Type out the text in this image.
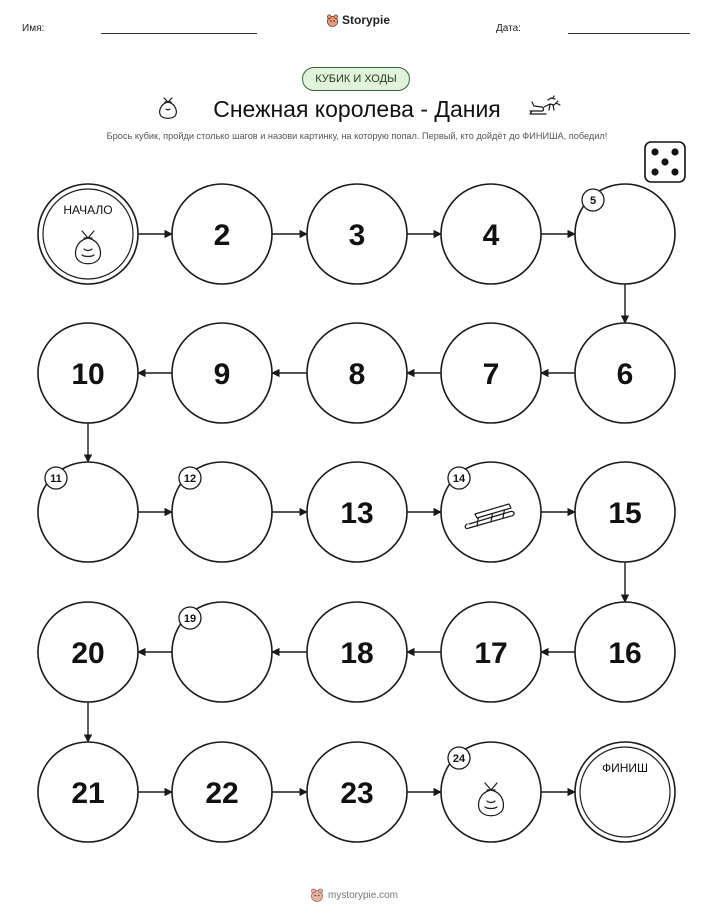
Имя:
Storypie
Дата:
КУБИК И ХОДЫ
Снежная королева - Дания
Брось кубик, пройди столько шагов и назови картинку, на которую попал. Первый, кто дойдёт до ФИНИША, победил!
НАЧАЛО
2	3	4
5
6
7
8
9
10
11	12
13
14
15
16
17
18
19
20
21	22	23
24
ФИНИШ
mystorypie.com
